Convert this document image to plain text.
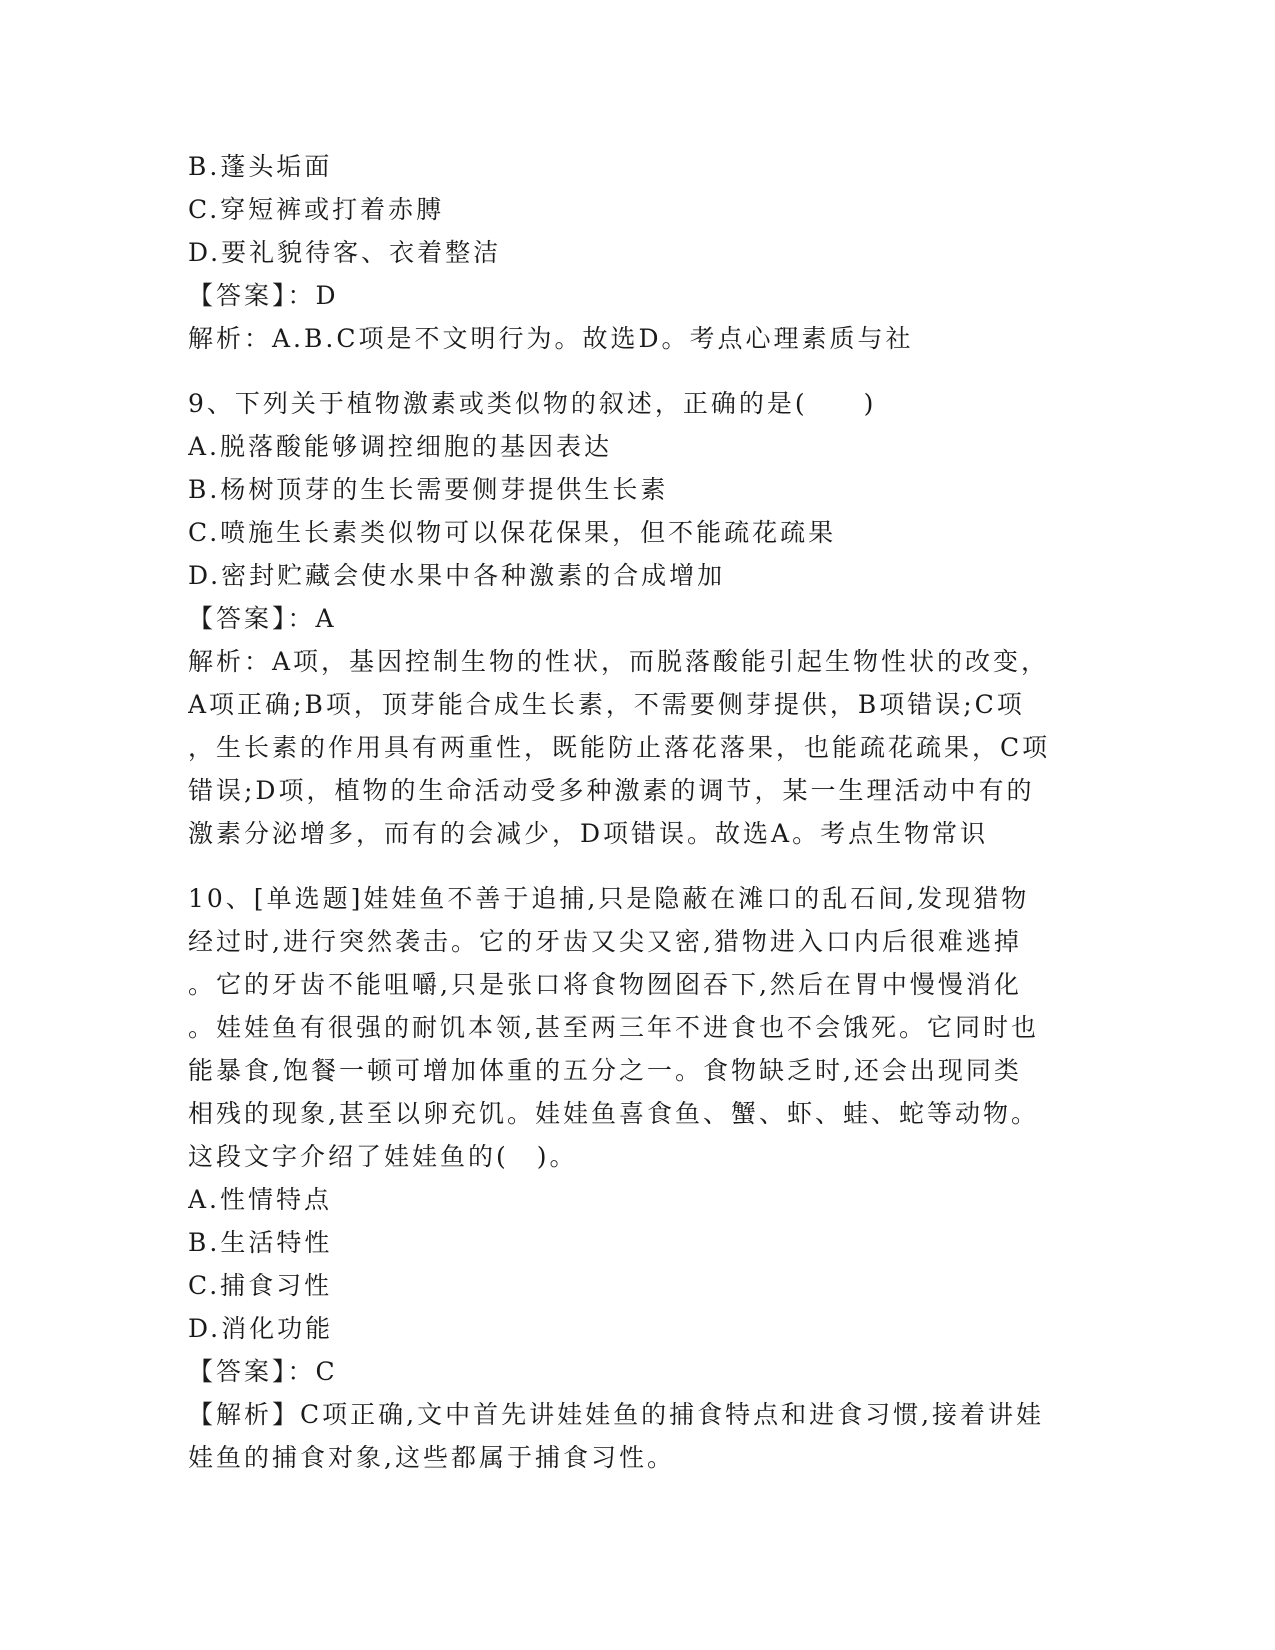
B.蓬头垢面
C.穿短裤或打着赤膊
D.要礼貌待客、衣着整洁
【答案】：D
解析：A.B.C项是不文明行为。故选D。考点心理素质与社
9、下列关于植物激素或类似物的叙述，正确的是(　　)
A.脱落酸能够调控细胞的基因表达
B.杨树顶芽的生长需要侧芽提供生长素
C.喷施生长素类似物可以保花保果，但不能疏花疏果
D.密封贮藏会使水果中各种激素的合成增加
【答案】：A
解析：A项，基因控制生物的性状，而脱落酸能引起生物性状的改变，
A项正确;B项，顶芽能合成生长素，不需要侧芽提供，B项错误;C项
，生长素的作用具有两重性，既能防止落花落果，也能疏花疏果，C项
错误;D项，植物的生命活动受多种激素的调节，某一生理活动中有的
激素分泌增多，而有的会减少，D项错误。故选A。考点生物常识
10、[单选题]娃娃鱼不善于追捕,只是隐蔽在滩口的乱石间,发现猎物
经过时,进行突然袭击。它的牙齿又尖又密,猎物进入口内后很难逃掉
。它的牙齿不能咀嚼,只是张口将食物囫囵吞下,然后在胃中慢慢消化
。娃娃鱼有很强的耐饥本领,甚至两三年不进食也不会饿死。它同时也
能暴食,饱餐一顿可增加体重的五分之一。食物缺乏时,还会出现同类
相残的现象,甚至以卵充饥。娃娃鱼喜食鱼、蟹、虾、蛙、蛇等动物。
这段文字介绍了娃娃鱼的(　)。
A.性情特点
B.生活特性
C.捕食习性
D.消化功能
【答案】：C
【解析】C项正确,文中首先讲娃娃鱼的捕食特点和进食习惯,接着讲娃
娃鱼的捕食对象,这些都属于捕食习性。
